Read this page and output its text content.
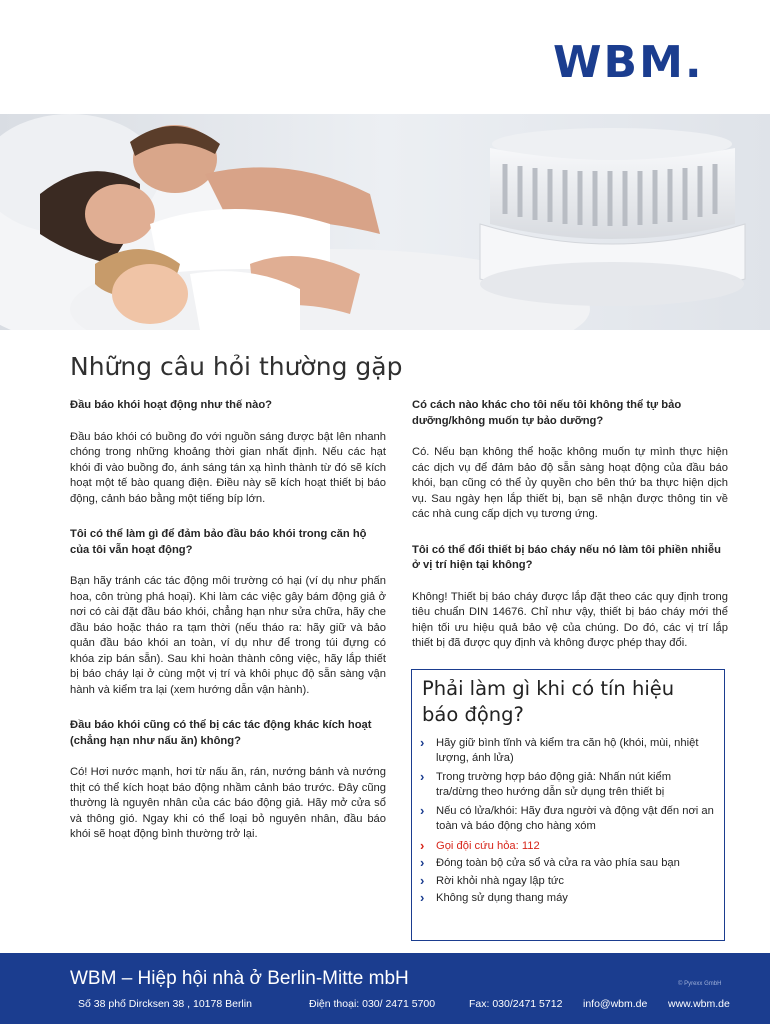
WBM.
Những câu hỏi thường gặp

Đầu báo khói hoạt động như thế nào?

Đầu báo khói có buồng đo với nguồn sáng được bật lên nhanh chóng trong những khoảng thời gian nhất định. Nếu các hạt khói đi vào buồng đo, ánh sáng tán xạ hình thành từ đó sẽ kích hoạt một tế bào quang điện. Điều này sẽ kích hoạt thiết bị báo động, cảnh báo bằng một tiếng bíp lớn.

Tôi có thể làm gì để đảm bảo đầu báo khói trong căn hộ của tôi vẫn hoạt động?

Bạn hãy tránh các tác động môi trường có hại (ví dụ như phấn hoa, côn trùng phá hoại). Khi làm các việc gây bám động giả ở nơi có cài đặt đầu báo khói, chẳng hạn như sửa chữa, hãy che đầu báo hoặc tháo ra tạm thời (nếu tháo ra: hãy giữ và bảo quản đầu báo khói an toàn, ví dụ như để trong túi đựng có khóa zip bán sẵn). Sau khi hoàn thành công việc, hãy lắp thiết bị báo cháy lại ở cùng một vị trí và khôi phục độ sẵn sàng vận hành và kiểm tra lại (xem hướng dẫn vận hành).

Đầu báo khói cũng có thể bị các tác động khác kích hoạt (chẳng hạn như nấu ăn) không?

Có! Hơi nước mạnh, hơi từ nấu ăn, rán, nướng bánh và nướng thịt có thể kích hoạt báo động nhầm cảnh báo trước. Đây cũng thường là nguyên nhân của các báo động giả. Hãy mở cửa sổ và thông gió. Ngay khi có thể loại bỏ nguyên nhân, đầu báo khói sẽ hoạt động bình thường trở lại.

Có cách nào khác cho tôi nếu tôi không thể tự bảo dưỡng/không muốn tự bảo dưỡng?

Có. Nếu bạn không thể hoặc không muốn tự mình thực hiện các dịch vụ để đảm bảo độ sẵn sàng hoạt động của đầu báo khói, bạn cũng có thể ủy quyền cho bên thứ ba thực hiện dịch vụ. Sau ngày hẹn lắp thiết bị, bạn sẽ nhận được thông tin về các nhà cung cấp dịch vụ tương ứng.

Tôi có thể đổi thiết bị báo cháy nếu nó làm tôi phiền nhiễu ở vị trí hiện tại không?

Không! Thiết bị báo cháy được lắp đặt theo các quy định trong tiêu chuẩn DIN 14676. Chỉ như vậy, thiết bị báo cháy mới thể hiện tối ưu hiệu quả bảo vệ của chúng. Do đó, các vị trí lắp thiết bị đã được quy định và không được phép thay đổi.

Phải làm gì khi có tín hiệu báo động?
› Hãy giữ bình tĩnh và kiểm tra căn hộ (khói, mùi, nhiệt lượng, ánh lửa)
› Trong trường hợp báo động giả: Nhấn nút kiểm tra/dừng theo hướng dẫn sử dụng trên thiết bị
› Nếu có lửa/khói: Hãy đưa người và động vật đến nơi an toàn và báo động cho hàng xóm
› Gọi đội cứu hỏa: 112
› Đóng toàn bộ cửa sổ và cửa ra vào phía sau bạn
› Rời khỏi nhà ngay lập tức
› Không sử dụng thang máy
WBM – Hiệp hội nhà ở Berlin-Mitte mbH	© Pyrexx GmbH
Số 38 phố Dircksen 38 , 10178 Berlin	Điện thoại: 030/ 2471 5700	Fax: 030/2471 5712 info@wbm.de www.wbm.de
